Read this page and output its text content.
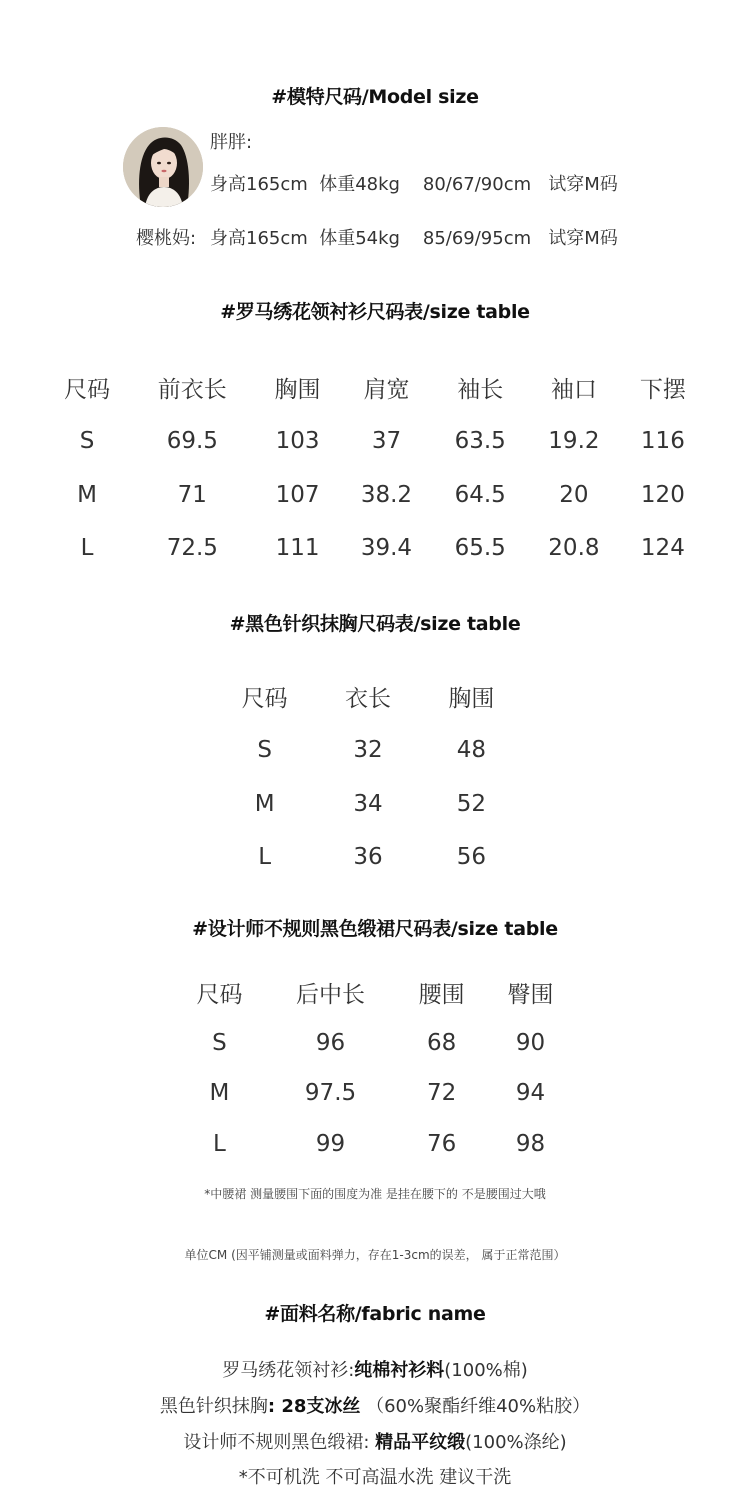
#模特尺码/Model size
胖胖:
身高165cm  体重48kg    80/67/90cm   试穿M码
樱桃妈: 身高165cm  体重54kg    85/69/95cm   试穿M码
#罗马绣花领衬衫尺码表/size table
尺码	前衣长	胸围	肩宽	袖长	袖口	下摆
S	69.5	103	37	63.5	19.2	116
M	71	107	38.2	64.5	20	120
L	72.5	111	39.4	65.5	20.8	124
#黑色针织抹胸尺码表/size table
尺码	衣长	胸围
S	32	48
M	34	52
L	36	56
#设计师不规则黑色缎裙尺码表/size table
尺码	后中长	腰围	臀围
S	96	68	90
M	97.5	72	94
L	99	76	98
*中腰裙 测量腰围下面的围度为准 是挂在腰下的 不是腰围过大哦
单位CM (因平铺测量或面料弹力，存在1-3cm的误差， 属于正常范围）
#面料名称/fabric name
罗马绣花领衬衫:纯棉衬衫料(100%棉)
黑色针织抹胸: 28支冰丝 （60%聚酯纤维40%粘胶）
设计师不规则黑色缎裙: 精品平纹缎(100%涤纶)
*不可机洗 不可高温水洗 建议干洗
